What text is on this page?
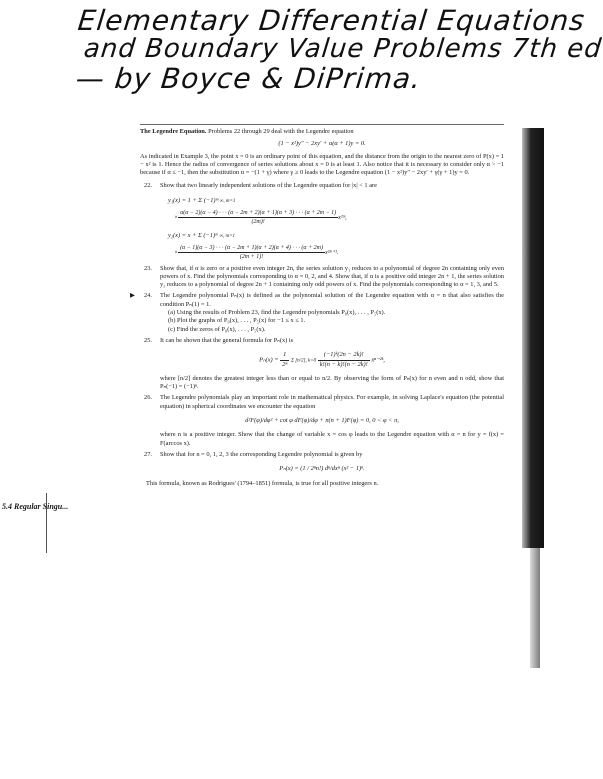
Elementary Differential Equations
and Boundary Value Problems 7th ed
— by Boyce & DiPrima.
5.4 Regular Singu...

The Legendre Equation. Problems 22 through 29 deal with the Legendre equation

(1 − x²)y″ − 2xy′ + α(α + 1)y = 0.

As indicated in Example 3, the point x = 0 is an ordinary point of this equation, and the distance from the origin to the nearest zero of P(x) = 1 − x² is 1. Hence the radius of convergence of series solutions about x = 0 is at least 1. Also notice that it is necessary to consider only α > −1 because if α ≤ −1, then the substitution α = −(1 + γ) where γ ≥ 0 leads to the Legendre equation (1 − x²)y″ − 2xy′ + γ(γ + 1)y = 0.

22. Show that two linearly independent solutions of the Legendre equation for |x| < 1 are

y₁(x) = 1 + Σ (−1)ᵐ ∞, m=1
×
α(α − 2)(α − 4) · · · (α − 2m + 2)(α + 1)(α + 3) · · · (α + 2m − 1)
(2m)!
x²ᵐ,
y₂(x) = x + Σ (−1)ᵐ ∞, m=1
×
(α − 1)(α − 3) · · · (α − 2m + 1)(α + 2)(α + 4) · · · (α + 2m)
(2m + 1)!
x²ᵐ⁺¹.
23. Show that, if α is zero or a positive even integer 2n, the series solution y₁ reduces to a polynomial of degree 2n containing only even powers of x. Find the polynomials corresponding to α = 0, 2, and 4. Show that, if α is a positive odd integer 2n + 1, the series solution y₂ reduces to a polynomial of degree 2n + 1 containing only odd powers of x. Find the polynomials corresponding to α = 1, 3, and 5.

▶ 24. The Legendre polynomial Pₙ(x) is defined as the polynomial solution of the Legendre equation with α = n that also satisfies the condition Pₙ(1) = 1.

(a) Using the results of Problem 23, find the Legendre polynomials P₀(x), . . . , P₅(x).

(b) Plot the graphs of P₀(x), . . . , P₅(x) for −1 ≤ x ≤ 1.

(c) Find the zeros of P₀(x), . . . , P₅(x).

25. It can be shown that the general formula for Pₙ(x) is

$P_n(x) = \frac{1}{\text{2ⁿ}}$ Σ [n/2], $k=0 \frac{\text{(−1)ᵏ(2n − 2k)!}}{k!(n - k)!(n - 2k)!}$ xⁿ⁻²ᵏ,

where [n/2] denotes the greatest integer less than or equal to n/2. By observing the form of Pₙ(x) for n even and n odd, show that Pₙ(−1) = (−1)ⁿ.

26. The Legendre polynomials play an important role in mathematical physics. For example, in solving Laplace's equation (the potential equation) in spherical coordinates we encounter the equation

d²F(φ)/dφ² + cot φ dF(φ)/dφ + n(n + 1)F(φ) = 0, 0 < φ < π,

where n is a positive integer. Show that the change of variable x = cos φ leads to the Legendre equation with α = n for y = f(x) = F(arccos x).

27. Show that for n = 0, 1, 2, 3 the corresponding Legendre polynomial is given by

Pₙ(x) = (1 / 2ⁿn!) dⁿ/dxⁿ (x² − 1)ⁿ.

This formula, known as Rodrigues' (1794–1851) formula, is true for all positive integers n.
